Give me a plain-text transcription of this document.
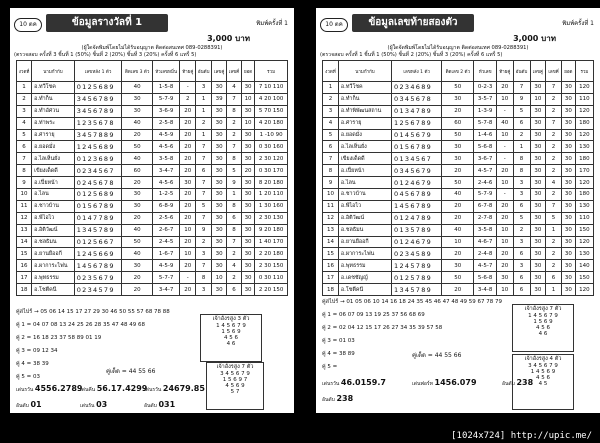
10 ตค	ข้อมูลรางวัลที่ 1	พิมพ์ครั้งที่ 1
3,000 บาท
(ผู้ใดจัดพิมพ์โดยไม่ได้รับอนุญาต ติดต่อสนเทศ 089-0288391)
(ตรวจสอบ ครั้งที่ 3 ชิ้นที่ 1 (50%) ชิ้นที่ 2 (20%) ชิ้นที่ 3 (20%) ครั้งที่ 6 แทรี่ 5)
งวดที่	นามกำกับ	เลขหลัง 1 ตัว	ติดเลข 3 ตัว	หัวเลขหมิ่น	ท้ายคู่	อันดับ	เลขคู่	เลขคี่	ยอด	รวม
1	อ.ทวีโชค	0125689	40	1-5-8	-	3	30	4	30	7 10 110
2	อ.ทำก็น	3456789	30	5-7-9	2	1	39	7	10	4 20 100
3	อ.ทำอัศวน	3456789	30	3-6-9	20	1	30	8	30	5 70 150
4	อ.ท่าพระ	1235678	40	2-5-8	20	2	30	2	10	4 20 180
5	อ.ศารายุ	3457889	20	4-5-9	20	1	30	2	30	1 -10 90
6	อ.ยอดมั่ง	1245689	50	4-5-6	20	7	30	7	30	0 30 160
7	อ.ไลเห็นยั่ง	0123689	40	3-5-8	20	7	30	8	30	2 30 120
8	เขียงเด็ดดี	0234567	60	3-4-7	20	6	30	5	20	0 30 170
9	อ.เปี่ยหน้า	0245678	20	4-5-6	30	7	30	9	30	8 20 180
10	อ.ไลน	0125689	30	1-2-5	20	7	30	1	30	1 20 110
11	อ.ชาวบ้าน	0156789	30	6-8-9	20	5	30	8	30	1 30 160
12	อ.พีไอไว	0147789	20	2-5-6	20	7	30	6	30	2 30 130
13	อ.อิติวัฒน์	1345789	40	2-6-7	10	9	30	8	30	9 20 180
14	อ.ชลธิมน	0125667	50	2-4-5	20	2	30	7	30	1 40 170
15	อ.ยานยืออกี	1245669	40	1-6-7	10	3	30	2	30	2 20 180
16	อ.ผาการะไฟน	1456789	30	4-5-9	20	7	30	4	30	2 30 150
17	อ.พุทธรรม	0235679	20	5-7-7	-	8	10	2	30	0 30 110
18	อ.โชตีคนี	0234579	20	3-4-7	20	3	30	6	30	2 20 150
คู่สไปร์ → 05 06 14 15 17 27 29 30 46 50 55 57 68 78 88
คู่ 1 = 04 07 08 13 24 25 26 28 35 47 48 49 68
คู่ 2 = 16 18 23 37 58 89 01 19
คู่ 3 = 09 12 34
คู่ 4 = 38 39
คู่ 5 = 03
คู่เด็ด = 44 55 66
เจ้าอังรสูง 3 ตัว
1 4 5 6 7 9
1 5 6 9
4 5 6
4 6
เจ้าอังรสูง 7 ตัว
3 4 5 6 7 9
1 5 6 9 7
4 5 6 9
5 7
เด่นรวัน 4556.2789
เด่นคีน 56.17.4299
เด่นรวัน 24679.85
อันดับ 01	เด่นรัน 03	อันดับ 031
10 ตค	ข้อมูลเลขท้ายสองตัว	พิมพ์ครั้งที่ 1
3,000 บาท
(ผู้ใดจัดพิมพ์โดยไม่ได้รับอนุญาต ติดต่อสนเทศ 089-0288391)
(ตรวจสอบ ครั้งที่ 1 ชิ้นที่ 1 (50%) ชิ้นที่ 2 (20%) ชิ้นที่ 3 (20%) ครั้งที่ 6 แทรี่ 5)
งวดที่	นามกำกับ	เลขหลัง 1 ตัว	ติดเลข 2 ตัว	หัวเลข	ท้ายคู่	อันดับ	เลขคู่	เลขคี่	ยอด	รวม
1	อ.ทวีโชค	0234689	50	0-2-3	20	7	30	7	30	120
2	อ.ทำก็น	0345678	30	3-5-7	10	9	10	2	30	110
3	อ.ทำพิพัฒนสถาน	0134789	20	1-3-9	-	5	30	2	30	120
4	อ.ศารายุ	1256789	60	5-7-8	40	6	30	7	30	180
5	อ.ยอดมั่ง	0145679	50	1-4-6	10	2	30	2	30	120
6	อ.ไลเห็นยั่ง	0156789	30	5-6-8	-	1	30	2	30	130
7	เขียงเด็ดดี	0134567	30	3-6-7	-	8	30	2	30	180
8	อ.เปี่ยหน้า	0345679	20	4-5-7	20	8	30	2	30	170
9	อ.ไลน	0124679	50	2-4-6	10	3	30	4	30	120
10	อ.ชาวบ้าน	0456789	40	5-7-9	-	3	30	2	30	180
11	อ.พีไอไว	1456789	20	6-7-8	20	6	30	7	30	130
12	อ.อิติวัฒน์	0124789	20	2-7-8	20	5	30	5	30	110
13	อ.ชลธิมน	0135789	40	3-5-8	10	2	30	1	30	150
14	อ.ยานยืออกี	0124679	10	4-6-7	10	3	30	2	30	120
15	อ.ผาการะไฟน	0234589	20	2-4-8	20	6	30	2	30	130
16	อ.พุทธรรม	1245789	30	4-5-7	20	3	30	2	30	140
17	อ.เดชชัญญ์	0125789	50	5-6-8	30	6	30	6	30	150
18	อ.โชตีคนี	1345789	20	3-4-8	10	6	30	1	30	120
คู่สไปร์ → 01 05 06 10 14 16 18 24 35 45 46 47 48 49 59 67 78 79
คู่ 1 = 06 07 09 13 19 25 37 56 68 69
คู่ 2 = 02 04 12 15 17 26 27 34 35 39 57 58
คู่ 3 = 01 03
คู่ 4 = 38 89
คู่ 5 =
คู่เด็ด = 44 55 66
เจ้าอังรสูง 7 ตัว
1 4 5 6 7 9
1 5 6 9
4 5 6
4 6
เจ้าอังรสูง 4 ตัว
3 4 5 6 7 9
1 4 5 6 9
4 5 6
4 5
เด่นรวัน 46.0159.7	เด่นฟอร์ท 1456.079	อันดับ 238
อันดับ 238
[1024x724] http://upic.me/
